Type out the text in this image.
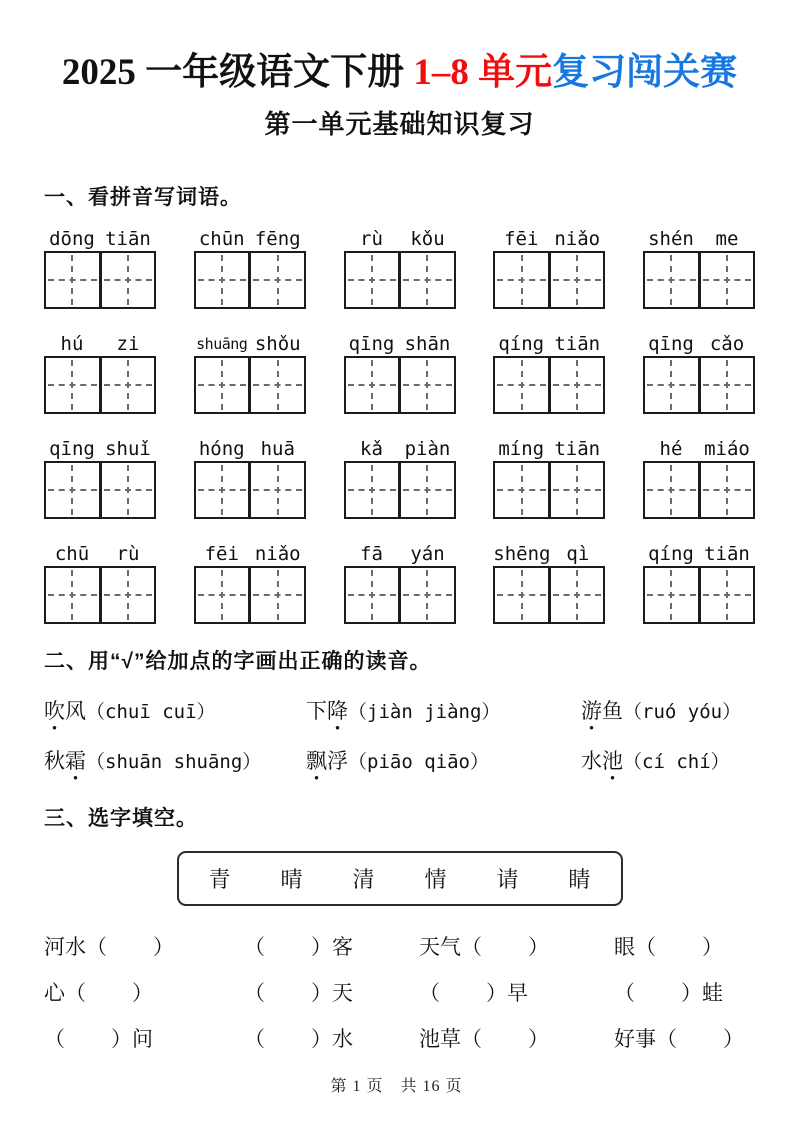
2025 一年级语文下册 1–8 单元复习闯关赛
第一单元基础知识复习
一、看拼音写词语。
dōng tiān	chūn fēng	rù	kǒu	fēi niǎo	shén	me
hú	zi	shuāng shǒu	qīng shān	qíng tiān	qīng cǎo
qīng shuǐ	hóng huā	kǎ	piàn	míng tiān	hé	miáo
chū	rù	fēi niǎo	fā	yán	shēng qì	qíng tiān
二、用“√”给加点的字画出正确的读音。
吹风（chuī cuī）	下降（jiàn jiàng）	游鱼（ruó yóu）
秋霜（shuān shuāng）	飘浮（piāo qiāo）	水池（cí chí）
三、选字填空。
青 晴 清 情 请 睛
河水（ ）	（ ）客	天气（ ）	眼（ ）
心（ ）	（ ）天	（ ）早	（ ）蛙
（ ）问	（ ）水	池草（ ）	好事（ ）
第 1 页　共 16 页
